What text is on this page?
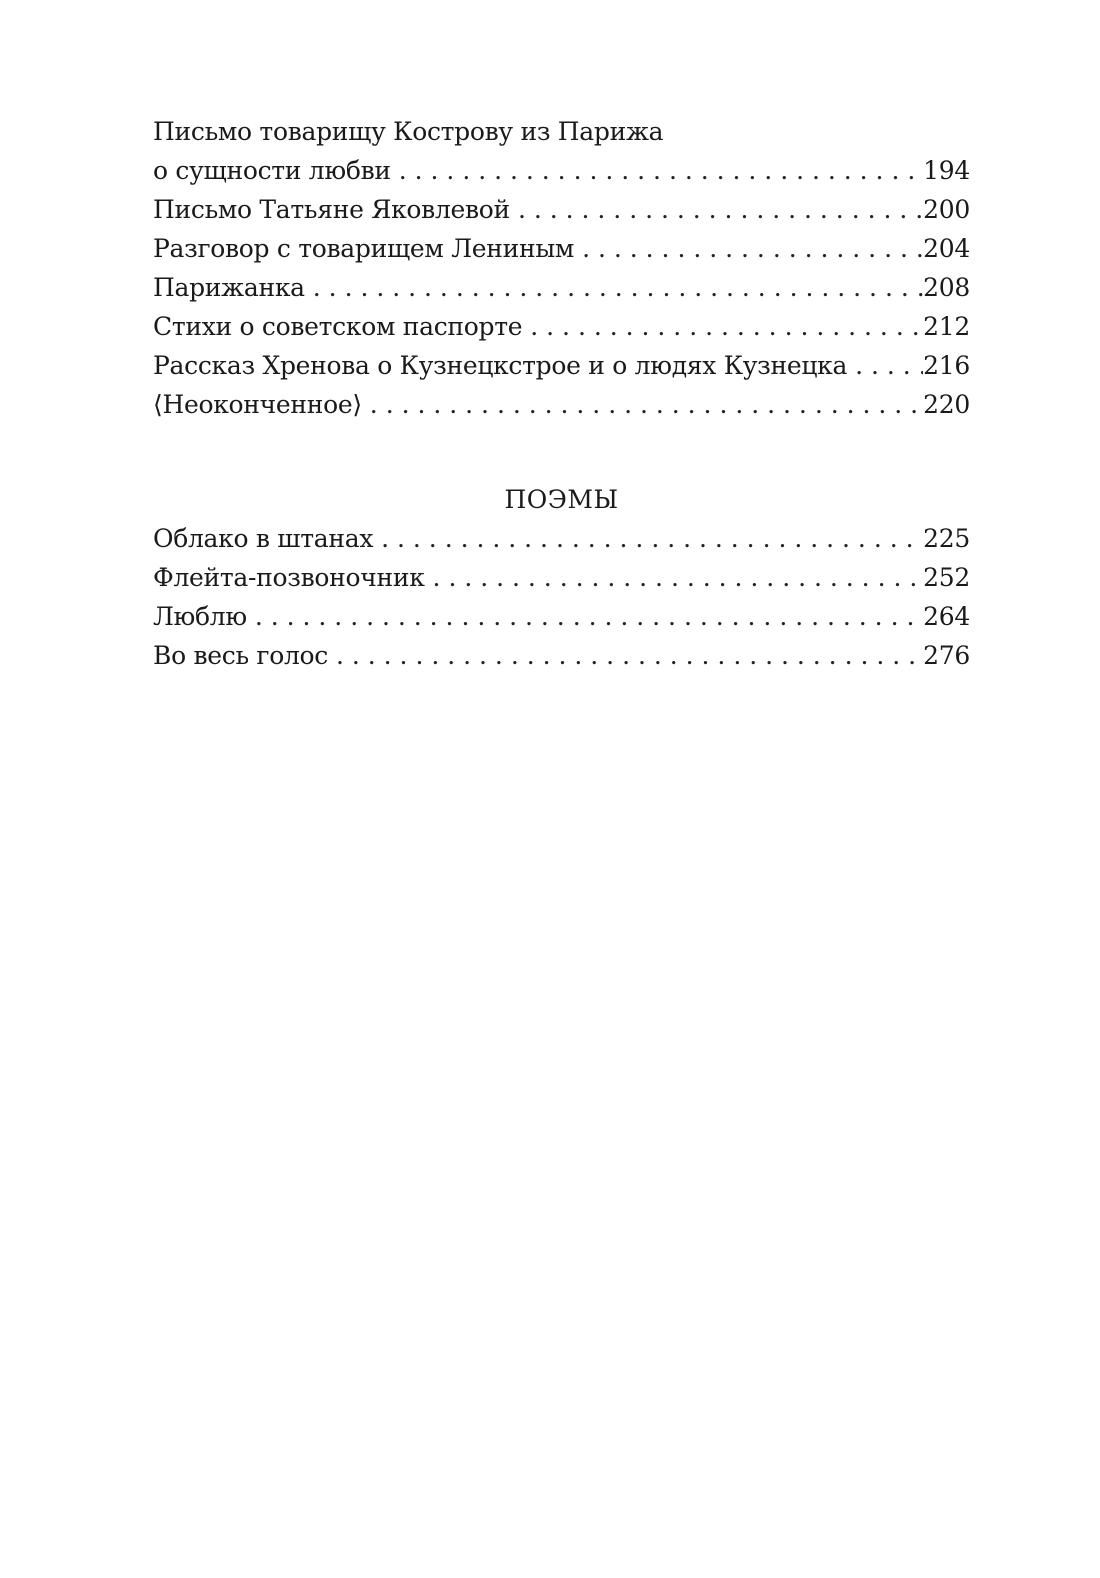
Письмо товарищу Кострову из Парижа
о сущности любви . . .	194
Письмо Татьяне Яковлевой . . .	200
Разговор с товарищем Лениным . . .	204
Парижанка . . .	208
Стихи о советском паспорте . . .	212
Рассказ Хренова о Кузнецкстрое и о людях Кузнецка . . .	216
⟨Неоконченное⟩ . . .	220
ПОЭМЫ
Облако в штанах . . .	225
Флейта-позвоночник . . .	252
Люблю . . .	264
Во весь голос . . .	276
